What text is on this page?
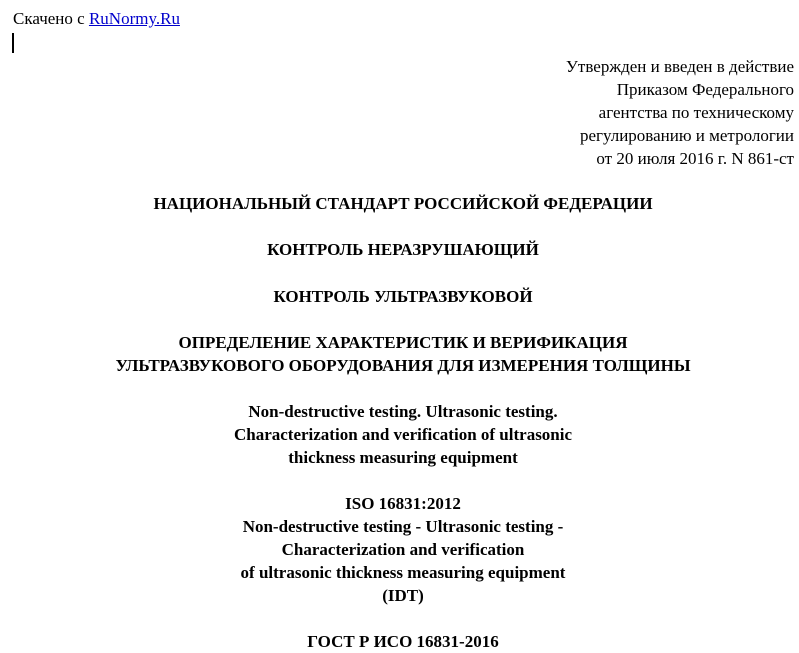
Скачено с RuNormy.Ru
Утвержден и введен в действие
Приказом Федерального
агентства по техническому
регулированию и метрологии
от 20 июля 2016 г. N 861-ст
НАЦИОНАЛЬНЫЙ СТАНДАРТ РОССИЙСКОЙ ФЕДЕРАЦИИ
КОНТРОЛЬ НЕРАЗРУШАЮЩИЙ
КОНТРОЛЬ УЛЬТРАЗВУКОВОЙ
ОПРЕДЕЛЕНИЕ ХАРАКТЕРИСТИК И ВЕРИФИКАЦИЯ
УЛЬТРАЗВУКОВОГО ОБОРУДОВАНИЯ ДЛЯ ИЗМЕРЕНИЯ ТОЛЩИНЫ
Non-destructive testing. Ultrasonic testing.
Characterization and verification of ultrasonic
thickness measuring equipment
ISO 16831:2012
Non-destructive testing - Ultrasonic testing -
Characterization and verification
of ultrasonic thickness measuring equipment
(IDT)
ГОСТ Р ИСО 16831-2016
